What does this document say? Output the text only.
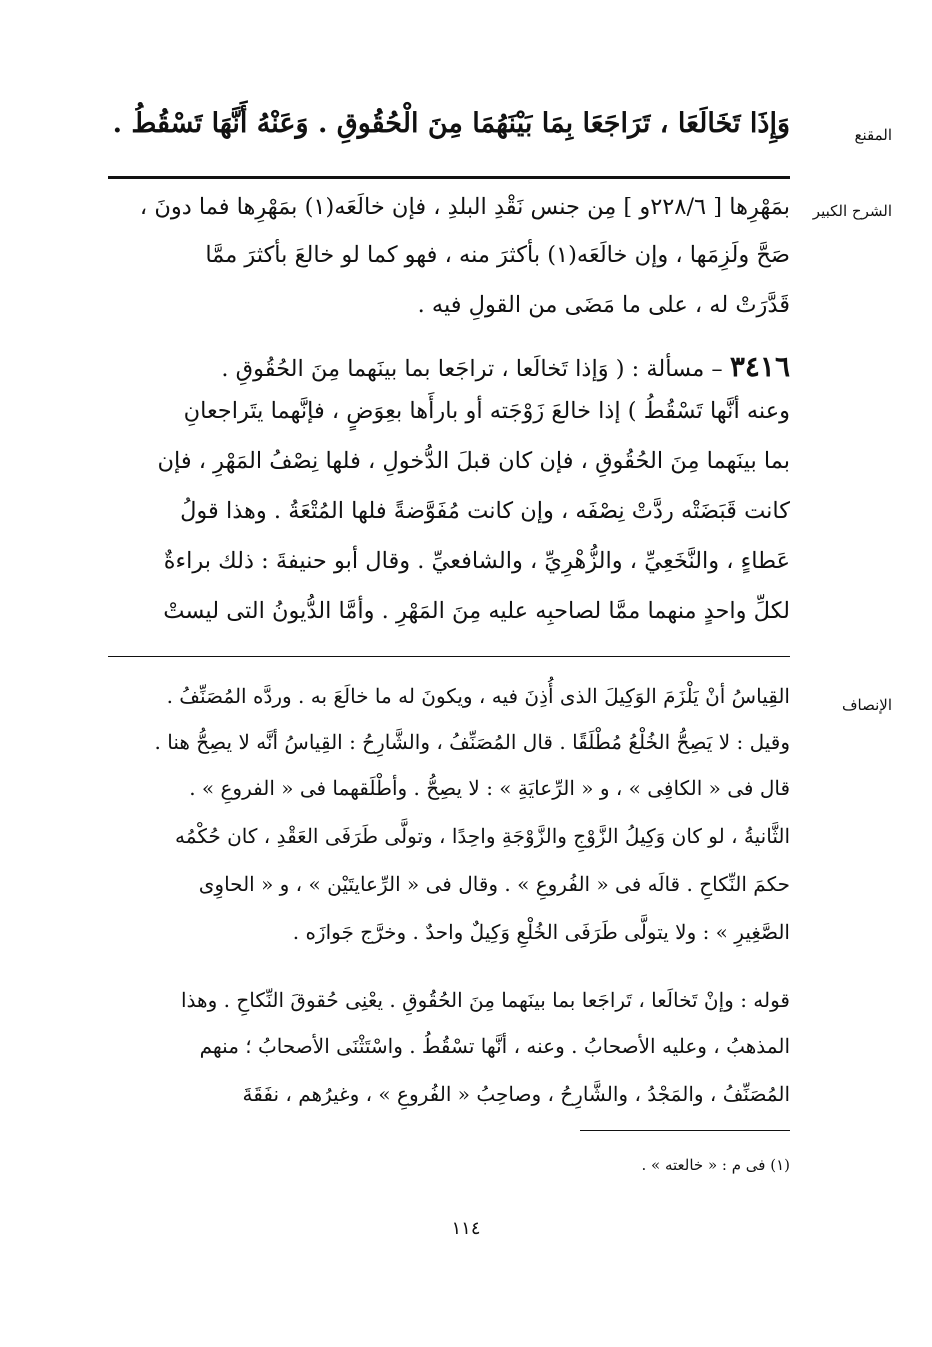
المقنع
وَإِذَا تَخَالَعَا ، تَرَاجَعَا بِمَا بَيْنَهُمَا مِنَ الْحُقُوقِ . وَعَنْهُ أَنَّهَا تَسْقُطُ .
الشرح الكبير
بمَهْرِها [ ٢٢٨/٦و ] مِن جنس نَقْدِ البلدِ ، فإن خالَعَه(١) بمَهْرِها فما دونَ ،
صَحَّ ولَزِمَها ، وإن خالَعَه(١) بأكثرَ منه ، فهو كما لو خالعَ بأكثرَ ممَّا
قَدَّرَتْ له ، على ما مَضَى من القولِ فيه .
٣٤١٦ – مسألة : ( وَإذا تَخالَعا ، تراجَعا بما بينَهما مِنَ الحُقُوقِ .
وعنه أنَّها تَسْقُطُ ) إذا خالعَ زَوْجَته أو بارأَها بعِوَضٍ ، فإنَّهما يتَراجعانِ
بما بينَهما مِنَ الحُقُوقِ ، فإن كان قبلَ الدُّخولِ ، فلها نِصْفُ المَهْرِ ، فإن
كانت قَبَضَتْه ردَّتْ نِصْفَه ، وإن كانت مُفَوَّضةً فلها المُتْعَةُ . وهذا قولُ
عَطاءٍ ، والنَّخَعِيِّ ، والزُّهْرِيِّ ، والشافعيِّ . وقال أبو حنيفةَ : ذلك براءةٌ
لكلِّ واحدٍ منهما ممَّا لصاحبِه عليه مِنَ المَهْرِ . وأمَّا الدُّيونُ التى ليستْ
الإنصاف
القِياسُ أنْ يَلْزَمَ الوَكِيلَ الذى أُذِنَ فيه ، ويكونَ له ما خالَعَ به . وردَّه المُصَنِّفُ .
وقيل : لا يَصِحُّ الخُلْعُ مُطْلَقًا . قال المُصَنِّفُ ، والشَّارِحُ : القِياسُ أنَّه لا يصِحُّ هنا .
قال فى « الكافِى » ، و « الرِّعايَةِ » : لا يصِحُّ . وأطْلَقهما فى « الفروعِ » .
الثَّانيةُ ، لو كان وَكِيلُ الزَّوْجِ والزَّوْجَةِ واحِدًا ، وتولَّى طَرَفَى العَقْدِ ، كان حُكْمُه
حكمَ النِّكاحِ . قالَه فى « الفُروعِ » . وقال فى « الرِّعايتَيْن » ، و « الحاوِى
الصَّغِيرِ » : ولا يتولَّى طَرَفَى الخُلْعِ وَكِيلٌ واحدٌ . وخرَّج جَوازَه .
قوله : وإنْ تَخالَعا ، تَراجَعا بما بينَهما مِنَ الحُقُوقِ . يعْنِى حُقوقَ النِّكاحِ . وهذا
المذهبُ ، وعليه الأصحابُ . وعنه ، أنَّها تسْقُطُ . واسْتَثْنَى الأصحابُ ؛ منهم
المُصَنِّفُ ، والمَجْدُ ، والشَّارِحُ ، وصاحِبُ « الفُروعِ » ، وغيرُهم ، نفَقَةَ
(١) فى م : « خالعته » .
١١٤
